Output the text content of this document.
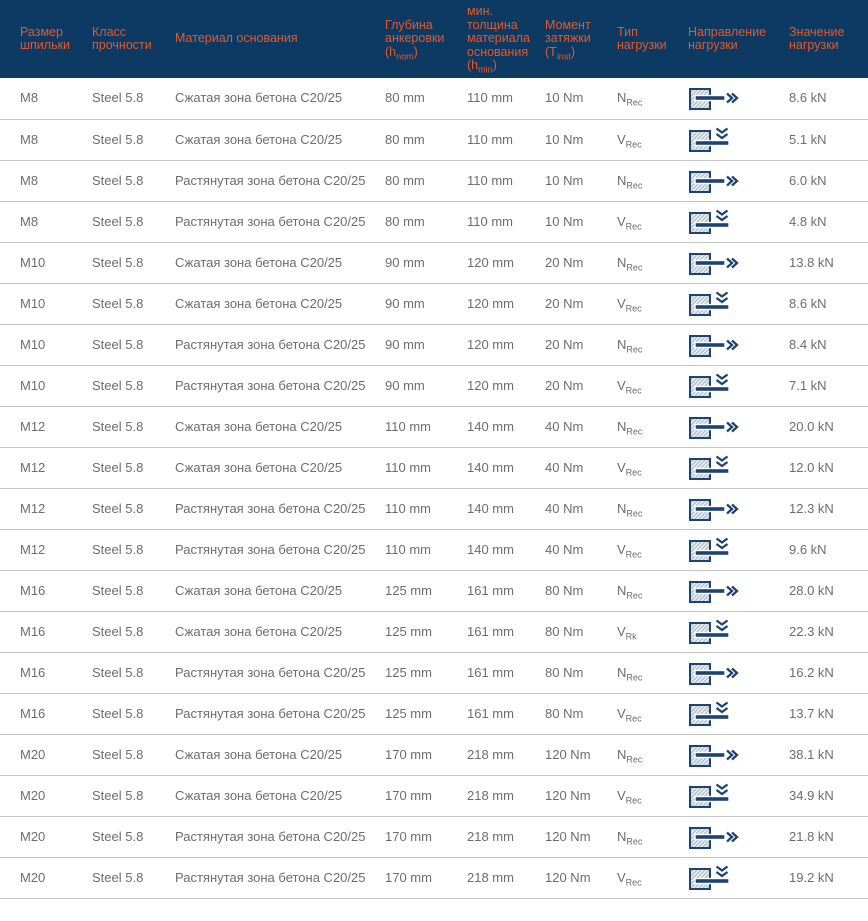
Размер шпильки	Класс прочности	Материал основания	Глубина анкеровки $(h_{nom})$	мин. толщина материала основания $(h_{min})$	Момент затяжки $(T_{inst})$	Тип нагрузки	Направление нагрузки	Значение нагрузки
M8	Steel 5.8	Сжатая зона бетона C20/25	80 mm	110 mm	10 Nm	$N_{Rec}$		8.6 kN
M8	Steel 5.8	Сжатая зона бетона C20/25	80 mm	110 mm	10 Nm	$V_{Rec}$		5.1 kN
M8	Steel 5.8	Растянутая зона бетона C20/25	80 mm	110 mm	10 Nm	$N_{Rec}$		6.0 kN
M8	Steel 5.8	Растянутая зона бетона C20/25	80 mm	110 mm	10 Nm	$V_{Rec}$		4.8 kN
M10	Steel 5.8	Сжатая зона бетона C20/25	90 mm	120 mm	20 Nm	$N_{Rec}$		13.8 kN
M10	Steel 5.8	Сжатая зона бетона C20/25	90 mm	120 mm	20 Nm	$V_{Rec}$		8.6 kN
M10	Steel 5.8	Растянутая зона бетона C20/25	90 mm	120 mm	20 Nm	$N_{Rec}$		8.4 kN
M10	Steel 5.8	Растянутая зона бетона C20/25	90 mm	120 mm	20 Nm	$V_{Rec}$		7.1 kN
M12	Steel 5.8	Сжатая зона бетона C20/25	110 mm	140 mm	40 Nm	$N_{Rec}$		20.0 kN
M12	Steel 5.8	Сжатая зона бетона C20/25	110 mm	140 mm	40 Nm	$V_{Rec}$		12.0 kN
M12	Steel 5.8	Растянутая зона бетона C20/25	110 mm	140 mm	40 Nm	$N_{Rec}$		12.3 kN
M12	Steel 5.8	Растянутая зона бетона C20/25	110 mm	140 mm	40 Nm	$V_{Rec}$		9.6 kN
M16	Steel 5.8	Сжатая зона бетона C20/25	125 mm	161 mm	80 Nm	$N_{Rec}$		28.0 kN
M16	Steel 5.8	Сжатая зона бетона C20/25	125 mm	161 mm	80 Nm	$V_{Rk}$		22.3 kN
M16	Steel 5.8	Растянутая зона бетона C20/25	125 mm	161 mm	80 Nm	$N_{Rec}$		16.2 kN
M16	Steel 5.8	Растянутая зона бетона C20/25	125 mm	161 mm	80 Nm	$V_{Rec}$		13.7 kN
M20	Steel 5.8	Сжатая зона бетона C20/25	170 mm	218 mm	120 Nm	$N_{Rec}$		38.1 kN
M20	Steel 5.8	Сжатая зона бетона C20/25	170 mm	218 mm	120 Nm	$V_{Rec}$		34.9 kN
M20	Steel 5.8	Растянутая зона бетона C20/25	170 mm	218 mm	120 Nm	$N_{Rec}$		21.8 kN
M20	Steel 5.8	Растянутая зона бетона C20/25	170 mm	218 mm	120 Nm	$V_{Rec}$		19.2 kN
